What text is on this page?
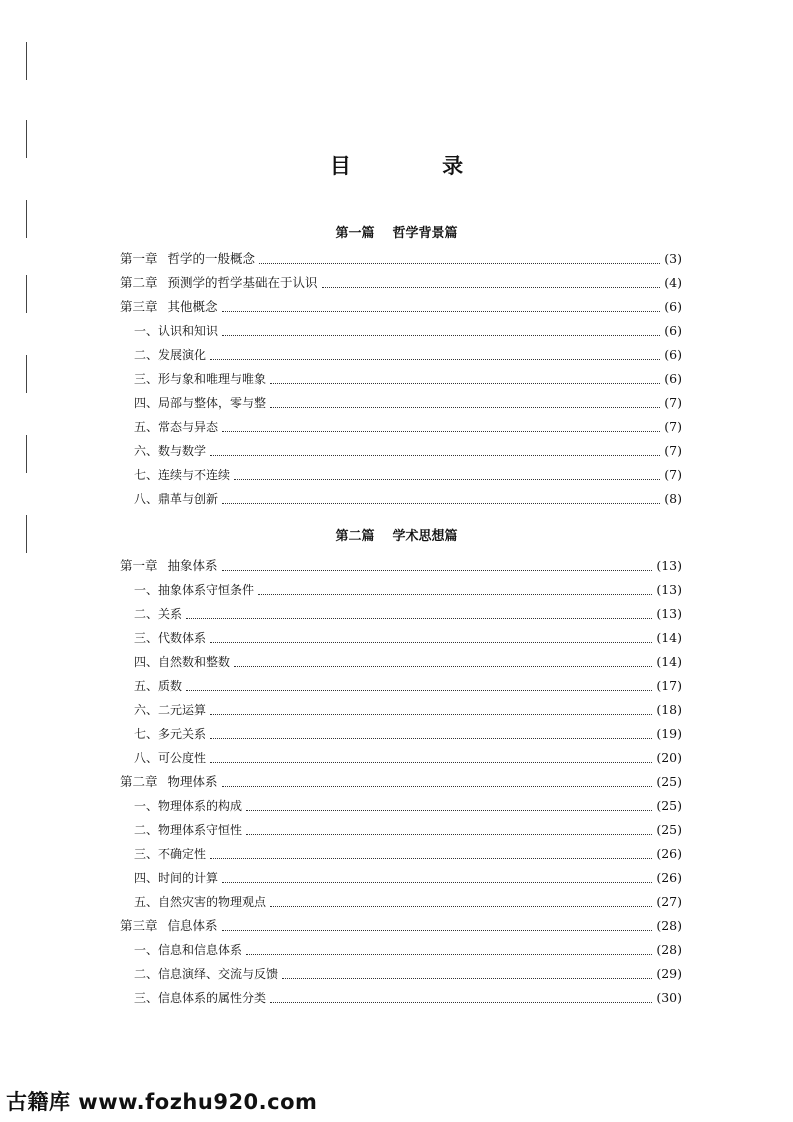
目 录
第一篇 哲学背景篇
第一章 哲学的一般概念	(3)
第二章 预测学的哲学基础在于认识	(4)
第三章 其他概念	(6)
一、认识和知识	(6)
二、发展演化	(6)
三、形与象和唯理与唯象	(6)
四、局部与整体，零与整	(7)
五、常态与异态	(7)
六、数与数学	(7)
七、连续与不连续	(7)
八、鼎革与创新	(8)
第二篇 学术思想篇
第一章 抽象体系	(13)
一、抽象体系守恒条件	(13)
二、关系	(13)
三、代数体系	(14)
四、自然数和整数	(14)
五、质数	(17)
六、二元运算	(18)
七、多元关系	(19)
八、可公度性	(20)
第二章 物理体系	(25)
一、物理体系的构成	(25)
二、物理体系守恒性	(25)
三、不确定性	(26)
四、时间的计算	(26)
五、自然灾害的物理观点	(27)
第三章 信息体系	(28)
一、信息和信息体系	(28)
二、信息演绎、交流与反馈	(29)
三、信息体系的属性分类	(30)
古籍库 www.fozhu920.com
